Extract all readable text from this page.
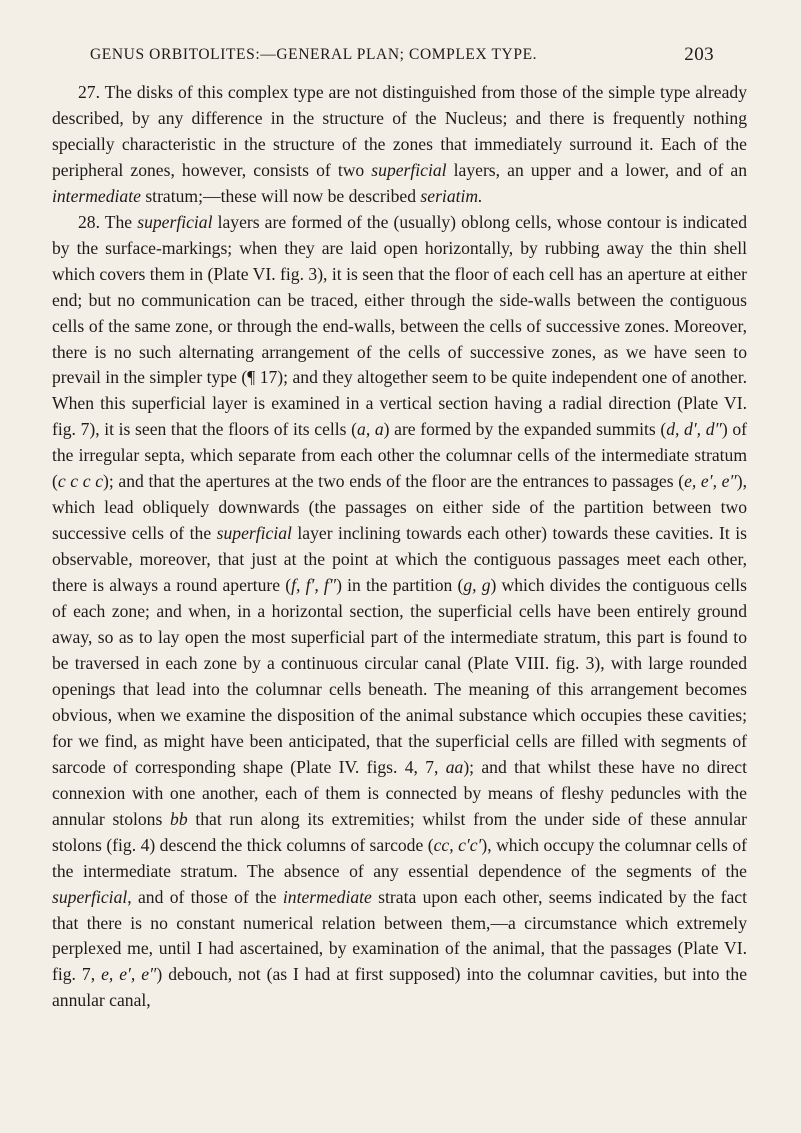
GENUS ORBITOLITES:—GENERAL PLAN; COMPLEX TYPE.	203

27. The disks of this complex type are not distinguished from those of the simple type already described, by any difference in the structure of the Nucleus; and there is frequently nothing specially characteristic in the structure of the zones that immediately surround it. Each of the peripheral zones, however, consists of two superficial layers, an upper and a lower, and of an intermediate stratum;—these will now be described seriatim.

28. The superficial layers are formed of the (usually) oblong cells, whose contour is indicated by the surface-markings; when they are laid open horizontally, by rubbing away the thin shell which covers them in (Plate VI. fig. 3), it is seen that the floor of each cell has an aperture at either end; but no communication can be traced, either through the side-walls between the contiguous cells of the same zone, or through the end-walls, between the cells of successive zones. Moreover, there is no such alternating arrangement of the cells of successive zones, as we have seen to prevail in the simpler type (¶ 17); and they altogether seem to be quite independent one of another. When this superficial layer is examined in a vertical section having a radial direction (Plate VI. fig. 7), it is seen that the floors of its cells (a, a) are formed by the expanded summits (d, d′, d″) of the irregular septa, which separate from each other the columnar cells of the intermediate stratum (c c c c); and that the apertures at the two ends of the floor are the entrances to passages (e, e′, e″), which lead obliquely downwards (the passages on either side of the partition between two successive cells of the superficial layer inclining towards each other) towards these cavities. It is observable, moreover, that just at the point at which the contiguous passages meet each other, there is always a round aperture (f, f′, f″) in the partition (g, g) which divides the contiguous cells of each zone; and when, in a horizontal section, the superficial cells have been entirely ground away, so as to lay open the most superficial part of the intermediate stratum, this part is found to be traversed in each zone by a continuous circular canal (Plate VIII. fig. 3), with large rounded openings that lead into the columnar cells beneath. The meaning of this arrangement becomes obvious, when we examine the disposition of the animal substance which occupies these cavities; for we find, as might have been anticipated, that the superficial cells are filled with segments of sarcode of corresponding shape (Plate IV. figs. 4, 7, aa); and that whilst these have no direct connexion with one another, each of them is connected by means of fleshy peduncles with the annular stolons bb that run along its extremities; whilst from the under side of these annular stolons (fig. 4) descend the thick columns of sarcode (cc, c′c′), which occupy the columnar cells of the intermediate stratum. The absence of any essential dependence of the segments of the superficial, and of those of the intermediate strata upon each other, seems indicated by the fact that there is no constant numerical relation between them,—a circumstance which extremely perplexed me, until I had ascertained, by examination of the animal, that the passages (Plate VI. fig. 7, e, e′, e″) debouch, not (as I had at first supposed) into the columnar cavities, but into the annular canal,
